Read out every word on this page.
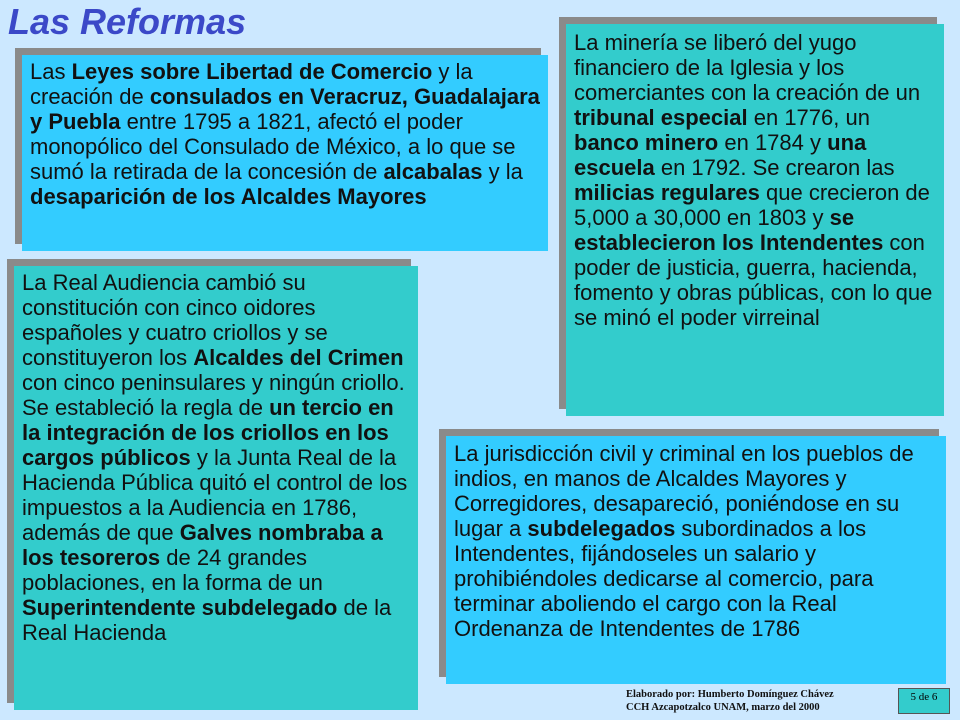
Las Reformas
Las Leyes sobre Libertad de Comercio y la creación de consulados en Veracruz, Guadalajara y Puebla entre 1795 a 1821, afectó el poder monopólico del Consulado de México, a lo que se sumó la retirada de la concesión de alcabalas y la desaparición de los Alcaldes Mayores
La Real Audiencia cambió su constitución con cinco oidores españoles y cuatro criollos y se constituyeron los Alcaldes del Crimen con cinco peninsulares y ningún criollo. Se estableció la regla de un tercio en la integración de los criollos en los cargos públicos y la Junta Real de la Hacienda Pública quitó el control de los impuestos a la Audiencia en 1786, además de que Galves nombraba a los tesoreros de 24 grandes poblaciones, en la forma de un Superintendente subdelegado de la Real Hacienda
La minería se liberó del yugo financiero de la Iglesia y los comerciantes con la creación de un tribunal especial en 1776, un banco minero en 1784 y una escuela en 1792. Se crearon las milicias regulares que crecieron de 5,000 a 30,000 en 1803 y se establecieron los Intendentes con poder de justicia, guerra, hacienda, fomento y obras públicas, con lo que se minó el poder virreinal
La jurisdicción civil y criminal en los pueblos de indios, en manos de Alcaldes Mayores y Corregidores, desapareció, poniéndose en su lugar a subdelegados subordinados a los Intendentes, fijándoseles un salario y prohibiéndoles dedicarse al comercio, para terminar aboliendo el cargo con la Real Ordenanza de Intendentes de 1786
Elaborado por: Humberto Domínguez Chávez
CCH Azcapotzalco UNAM, marzo del 2000
5 de 6
